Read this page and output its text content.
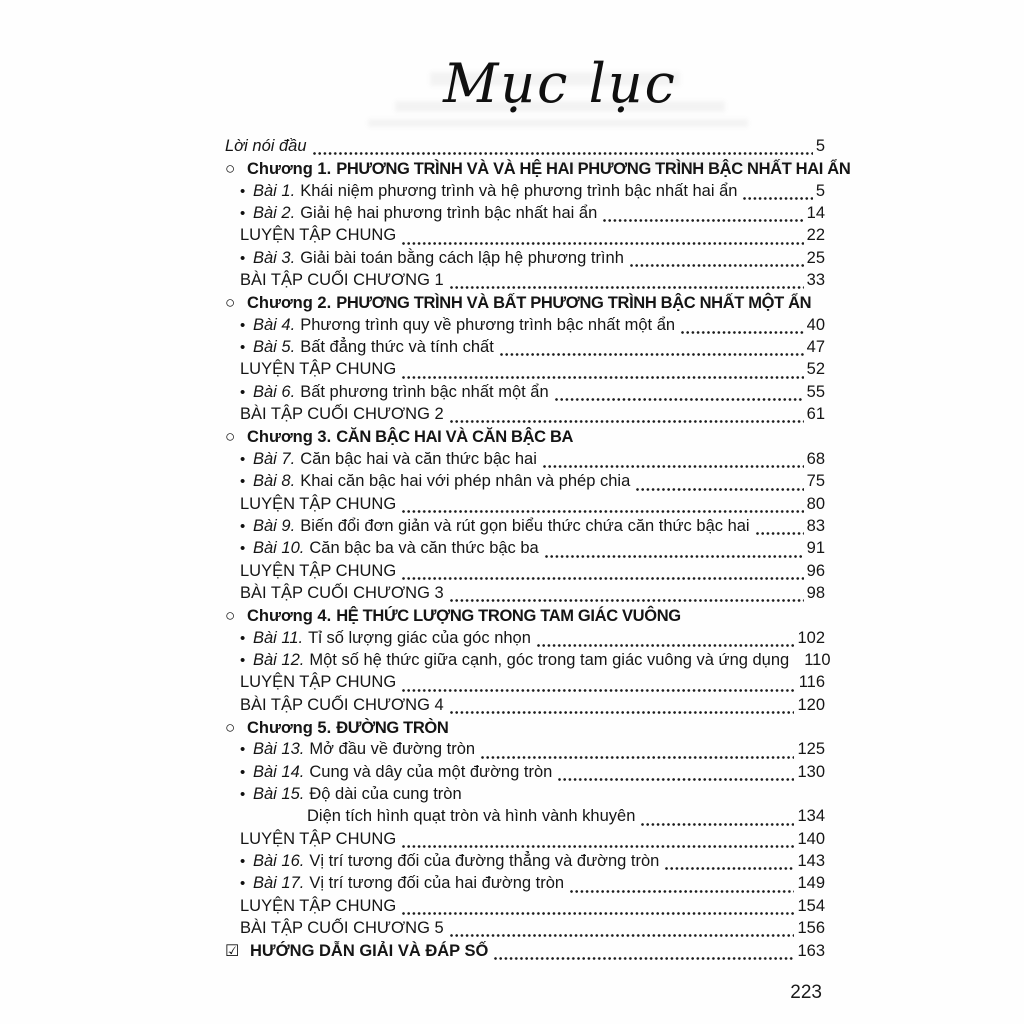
Mục lục
Lời nói đầu	5
○ Chương 1. PHƯƠNG TRÌNH VÀ VÀ HỆ HAI PHƯƠNG TRÌNH BẬC NHẤT HAI ẨN
• Bài 1. Khái niệm phương trình và hệ phương trình bậc nhất hai ẩn	5
• Bài 2. Giải hệ hai phương trình bậc nhất hai ẩn	14
LUYỆN TẬP CHUNG	22
• Bài 3. Giải bài toán bằng cách lập hệ phương trình	25
BÀI TẬP CUỐI CHƯƠNG 1	33
○ Chương 2. PHƯƠNG TRÌNH VÀ BẤT PHƯƠNG TRÌNH BẬC NHẤT MỘT ẨN
• Bài 4. Phương trình quy về phương trình bậc nhất một ẩn	40
• Bài 5. Bất đẳng thức và tính chất	47
LUYỆN TẬP CHUNG	52
• Bài 6. Bất phương trình bậc nhất một ẩn	55
BÀI TẬP CUỐI CHƯƠNG 2	61
○ Chương 3. CĂN BẬC HAI VÀ CĂN BẬC BA
• Bài 7. Căn bậc hai và căn thức bậc hai	68
• Bài 8. Khai căn bậc hai với phép nhân và phép chia	75
LUYỆN TẬP CHUNG	80
• Bài 9. Biến đổi đơn giản và rút gọn biểu thức chứa căn thức bậc hai	83
• Bài 10. Căn bậc ba và căn thức bậc ba	91
LUYỆN TẬP CHUNG	96
BÀI TẬP CUỐI CHƯƠNG 3	98
○ Chương 4. HỆ THỨC LƯỢNG TRONG TAM GIÁC VUÔNG
• Bài 11. Tỉ số lượng giác của góc nhọn	102
• Bài 12. Một số hệ thức giữa cạnh, góc trong tam giác vuông và ứng dụng 110
LUYỆN TẬP CHUNG	116
BÀI TẬP CUỐI CHƯƠNG 4	120
○ Chương 5. ĐƯỜNG TRÒN
• Bài 13. Mở đầu về đường tròn	125
• Bài 14. Cung và dây của một đường tròn	130
• Bài 15. Độ dài của cung tròn
Diện tích hình quạt tròn và hình vành khuyên	134
LUYỆN TẬP CHUNG	140
• Bài 16. Vị trí tương đối của đường thẳng và đường tròn	143
• Bài 17. Vị trí tương đối của hai đường tròn	149
LUYỆN TẬP CHUNG	154
BÀI TẬP CUỐI CHƯƠNG 5	156
☑ HƯỚNG DẪN GIẢI VÀ ĐÁP SỐ	163
223
